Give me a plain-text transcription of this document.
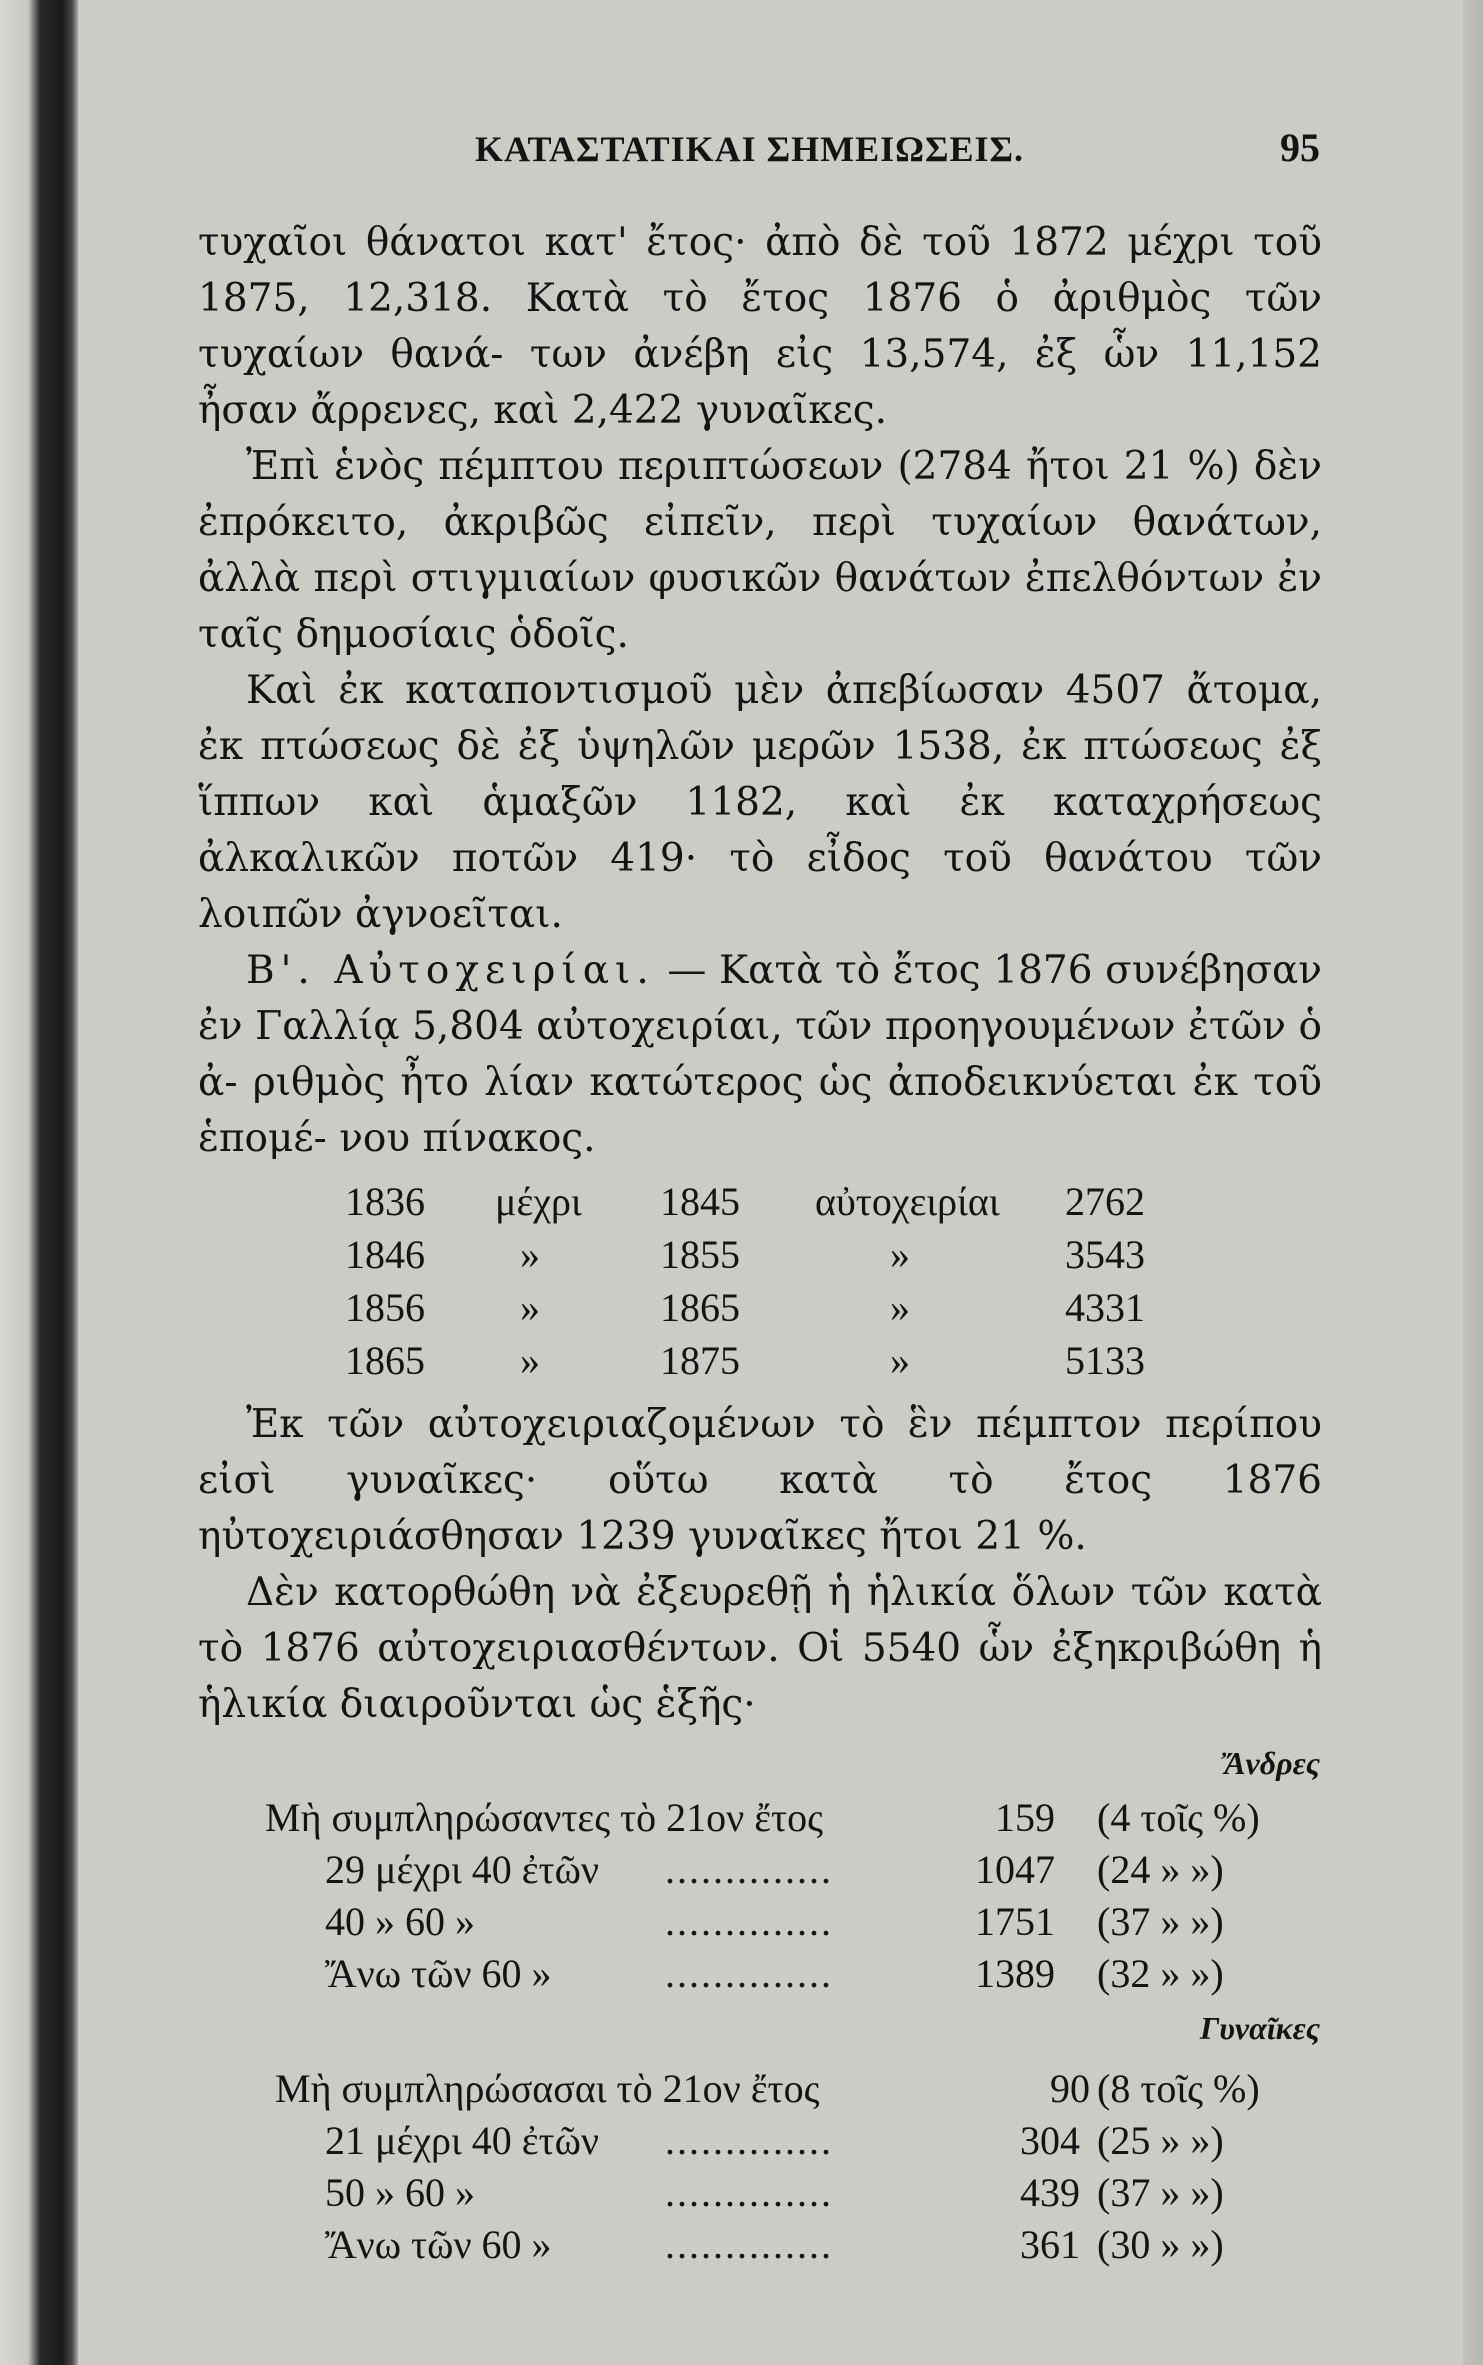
ΚΑΤΑΣΤΑΤΙΚΑΙ ΣΗΜΕΙΩΣΕΙΣ.	95

τυχαῖοι θάνατοι κατ' ἔτος· ἀπὸ δὲ τοῦ 1872 μέχρι τοῦ 1875, 12,318. Κατὰ τὸ ἔτος 1876 ὁ ἀριθμὸς τῶν τυχαίων θανά- των ἀνέβη εἰς 13,574, ἐξ ὧν 11,152 ἦσαν ἄρρενες, καὶ 2,422 γυναῖκες.

Ἐπὶ ἑνὸς πέμπτου περιπτώσεων (2784 ἤτοι 21 %) δὲν ἐπρόκειτο, ἀκριβῶς εἰπεῖν, περὶ τυχαίων θανάτων, ἀλλὰ περὶ στιγμιαίων φυσικῶν θανάτων ἐπελθόντων ἐν ταῖς δημοσίαις ὁδοῖς.

Καὶ ἐκ καταποντισμοῦ μὲν ἀπεβίωσαν 4507 ἄτομα, ἐκ πτώσεως δὲ ἐξ ὑψηλῶν μερῶν 1538, ἐκ πτώσεως ἐξ ἵππων καὶ ἁμαξῶν 1182, καὶ ἐκ καταχρήσεως ἀλκαλικῶν ποτῶν 419· τὸ εἶδος τοῦ θανάτου τῶν λοιπῶν ἀγνοεῖται.

Β'. Αὐτοχειρίαι. — Κατὰ τὸ ἔτος 1876 συνέβησαν ἐν Γαλλίᾳ 5,804 αὐτοχειρίαι, τῶν προηγουμένων ἐτῶν ὁ ἀ- ριθμὸς ἦτο λίαν κατώτερος ὡς ἀποδεικνύεται ἐκ τοῦ ἑπομέ- νου πίνακος.

1836 μέχρι 1845 αὐτοχειρίαι 2762
1846 »	1855	»	3543
1856 »	1865	»	4331
1865 »	1875	»	5133

Ἐκ τῶν αὐτοχειριαζομένων τὸ ἓν πέμπτον περίπου εἰσὶ γυναῖκες· οὕτω κατὰ τὸ ἔτος 1876 ηὐτοχειριάσθησαν 1239 γυναῖκες ἤτοι 21 %.

Δὲν κατορθώθη νὰ ἐξευρεθῇ ἡ ἡλικία ὅλων τῶν κατὰ τὸ 1876 αὐτοχειριασθέντων. Οἱ 5540 ὧν ἐξηκριβώθη ἡ ἡλικία διαιροῦνται ὡς ἑξῆς·

Ἄνδρες
Μὴ συμπληρώσαντες τὸ 21ον ἔτος	159 (4 τοῖς %)
29 μέχρι 40 ἐτῶν ..............	1047 (24 » »)
40 » 60 »	..............	1751 (37 » »)
Ἄνω τῶν 60 »	..............	1389 (32 » »)
Γυναῖκες
Μὴ συμπληρώσασαι τὸ 21ον ἔτος	90 (8 τοῖς %)
21 μέχρι 40 ἐτῶν ..............	304 (25 » »)
50 » 60 »	..............	439 (37 » »)
Ἄνω τῶν 60 »	..............	361 (30 » »)
